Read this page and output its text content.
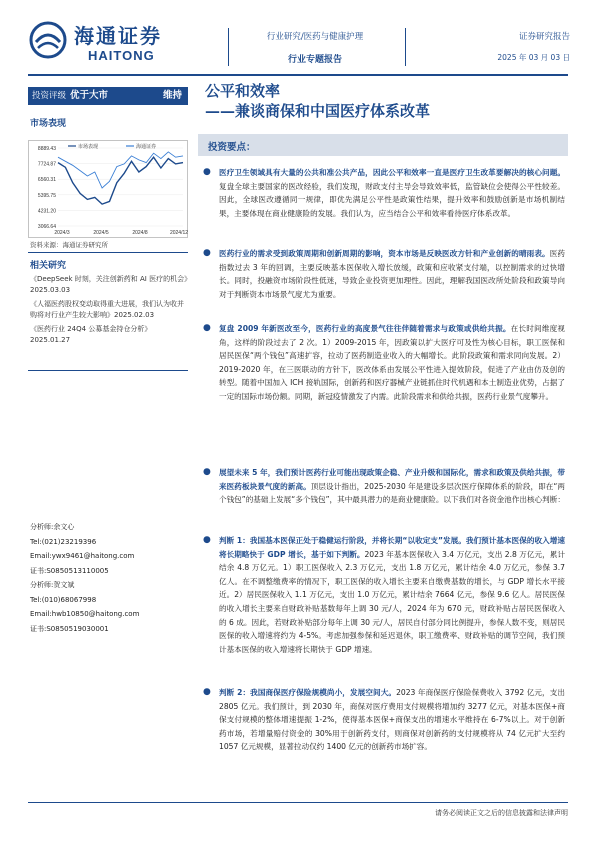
海通证券
HAITONG
行业研究/医药与健康护理
行业专题报告
证券研究报告
2025 年 03 月 03 日
投资评级 优于大市	维持
市场表现
8889.43
7724.87
6560.31
5395.75
4231.20
3066.64
2024/3	2024/5	2024/8	2024/12
市场表现	海通证券
资料来源：海通证券研究所
相关研究
《DeepSeek 时刻，关注创新药和 AI 医疗的机会》2025.03.03
《人福医药股权变动取得重大进展，我们认为收并购将对行业产生较大影响》2025.02.03
《医药行业 24Q4 公募基金持仓分析》2025.01.27
分析师:余文心
Tel:(021)23219396
Email:ywx9461@haitong.com
证书:S0850513110005
分析师:贺文斌
Tel:(010)68067998
Email:hwb10850@haitong.com
证书:S0850519030001
公平和效率
——兼谈商保和中国医疗体系改革
投资要点：
●	医疗卫生领域具有大量的公共和准公共产品，因此公平和效率一直是医疗卫生改革要解决的核心问题。复盘全球主要国家的医改经验，我们发现，财政支付主导会导致效率低，监管缺位会使得公平性较差。因此，全球医改遵循同一规律，即优先满足公平性是政策性结果，提升效率和鼓励创新是市场机制结果，主要体现在商业健康险的发展。我们认为，应当结合公平和效率看待医疗体系改革。
●	医药行业的需求受到政策周期和创新周期的影响，资本市场是反映医改方针和产业创新的晴雨表。医药指数过去 3 年的回调，主要反映基本医保收入增长放缓，政策和应收紧支付端，以控制需求的过快增长。同时，投融资市场阶段性低迷，导致企业投资更加理性。因此，理解我国医改所处阶段和政策导向对于判断资本市场景气度尤为重要。
●	复盘 2009 年新医改至今，医药行业的高度景气往往伴随着需求与政策或供给共振。在长时间维度视角，这样的阶段过去了 2 次。1）2009-2015 年，因政策以扩大医疗可及性为核心目标，职工医保和居民医保“两个钱包”高速扩容，拉动了医药制造业收入的大幅增长。此阶段政策和需求同向发展。2）2019-2020 年，在三医联动的方针下，医改体系由发展公平性进入提效阶段，促进了产业由仿及创的转型。随着中国加入 ICH 接轨国际，创新药和医疗器械产业链抓住时代机遇和本土制造业优势，占据了一定的国际市场份额。同期，新冠疫情激发了内需。此阶段需求和供给共振，医药行业景气度攀升。
●	展望未来 5 年，我们预计医药行业可能出现政策企稳、产业升级和国际化，需求和政策及供给共振，带来医药板块景气度的新高。顶层设计指出，2025-2030 年是建设多层次医疗保障体系的阶段，即在“两个钱包”的基础上发展“多个钱包”，其中最具潜力的是商业健康险。以下我们对各资金池作出核心判断：
●	判断 1：我国基本医保正处于稳健运行阶段，并将长期“以收定支”发展。我们预计基本医保的收入增速将长期略快于 GDP 增长，基于如下判断。2023 年基本医保收入 3.4 万亿元，支出 2.8 万亿元，累计结余 4.8 万亿元。1）职工医保收入 2.3 万亿元，支出 1.8 万亿元，累计结余 4.0 万亿元，参保 3.7 亿人。在不调整缴费率的情况下，职工医保的收入增长主要来自缴费基数的增长，与 GDP 增长水平接近。2）居民医保收入 1.1 万亿元，支出 1.0 万亿元，累计结余 7664 亿元，参保 9.6 亿人。居民医保的收入增长主要来自财政补贴基数每年上调 30 元/人，2024 年为 670 元，财政补贴占居民医保收入的 6 成。因此，若财政补贴部分每年上调 30 元/人，居民自付部分同比例提升，参保人数不变，则居民医保的收入增速将约为 4-5%。考虑加强参保和延迟退休，职工缴费率、财政补贴的调节空间，我们预计基本医保的收入增速将长期快于 GDP 增速。
●	判断 2：我国商保医疗保险规模尚小，发展空间大。2023 年商保医疗保险保费收入 3792 亿元，支出 2805 亿元。我们预计，到 2030 年，商保对医疗费用支付规模将增加约 3277 亿元，对基本医保+商保支付规模的整体增速提振 1-2%，使得基本医保+商保支出的增速水平维持在 6-7%以上。对于创新药市场，若增量赔付资金的 30%用于创新药支付，则商保对创新药的支付规模将从 74 亿元扩大至约 1057 亿元规模，显著拉动仅约 1400 亿元的创新药市场扩容。
请务必阅读正文之后的信息披露和法律声明
